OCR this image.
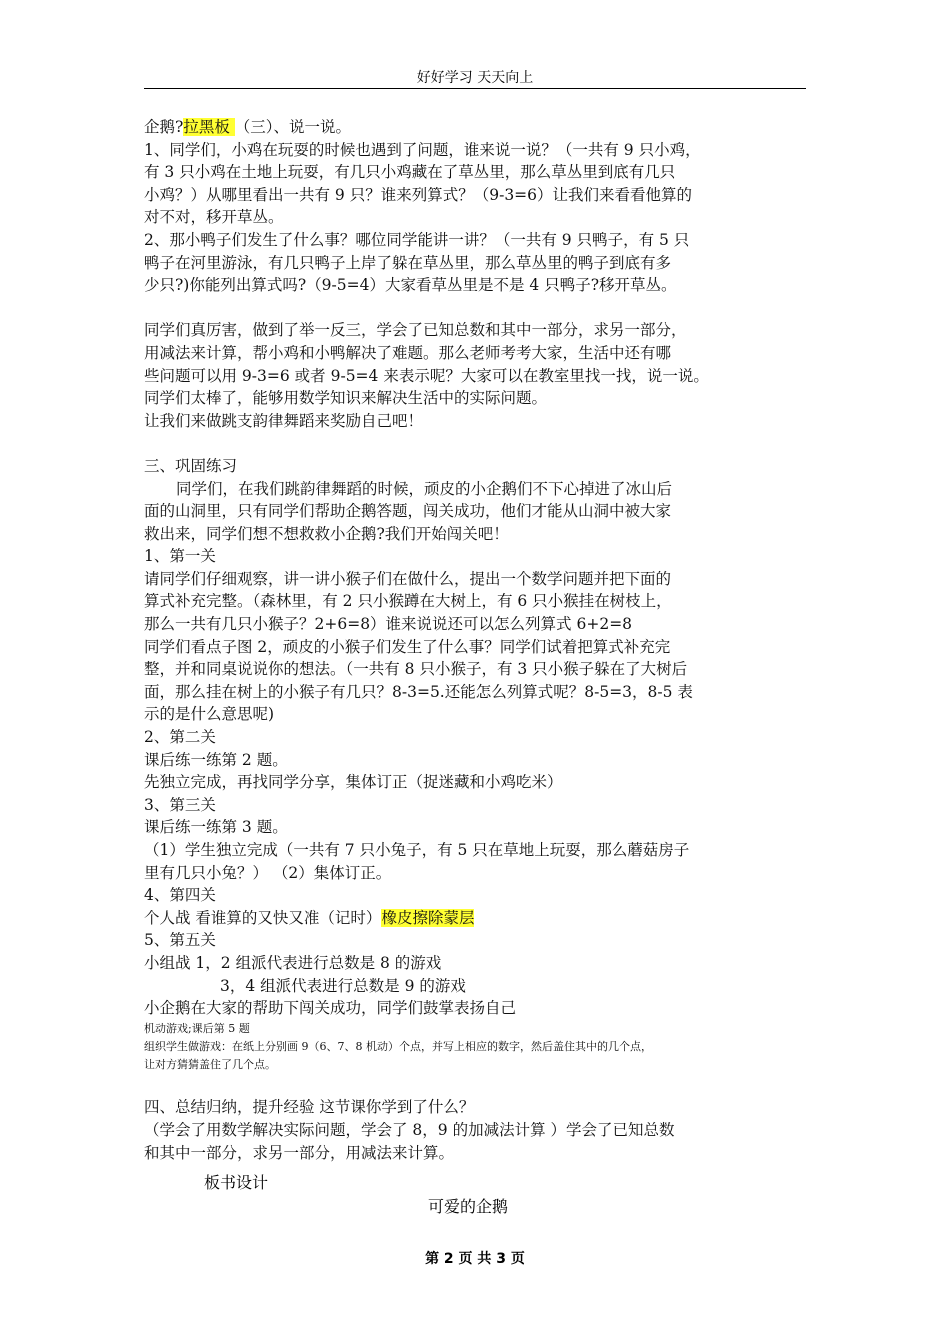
好好学习 天天向上

企鹅?拉黑板 （三）、说一说。

1、同学们，小鸡在玩耍的时候也遇到了问题，谁来说一说？（一共有 9 只小鸡，

有 3 只小鸡在土地上玩耍，有几只小鸡藏在了草丛里，那么草丛里到底有几只

小鸡？）从哪里看出一共有 9 只？谁来列算式？（9-3=6）让我们来看看他算的

对不对，移开草丛。

2、那小鸭子们发生了什么事？哪位同学能讲一讲？（一共有 9 只鸭子，有 5 只

鸭子在河里游泳，有几只鸭子上岸了躲在草丛里，那么草丛里的鸭子到底有多

少只?)你能列出算式吗?（9-5=4）大家看草丛里是不是 4 只鸭子?移开草丛。

同学们真厉害，做到了举一反三，学会了已知总数和其中一部分，求另一部分，

用减法来计算，帮小鸡和小鸭解决了难题。那么老师考考大家，生活中还有哪

些问题可以用 9-3=6 或者 9-5=4 来表示呢？大家可以在教室里找一找，说一说。

同学们太棒了，能够用数学知识来解决生活中的实际问题。

让我们来做跳支韵律舞蹈来奖励自己吧！

三、巩固练习

同学们，在我们跳韵律舞蹈的时候，顽皮的小企鹅们不下心掉进了冰山后

面的山洞里，只有同学们帮助企鹅答题，闯关成功，他们才能从山洞中被大家

救出来，同学们想不想救救小企鹅?我们开始闯关吧！

1、第一关

请同学们仔细观察，讲一讲小猴子们在做什么，提出一个数学问题并把下面的

算式补充完整。（森林里，有 2 只小猴蹲在大树上，有 6 只小猴挂在树枝上，

那么一共有几只小猴子？2+6=8）谁来说说还可以怎么列算式 6+2=8

同学们看点子图 2，顽皮的小猴子们发生了什么事？同学们试着把算式补充完

整，并和同桌说说你的想法。（一共有 8 只小猴子，有 3 只小猴子躲在了大树后

面，那么挂在树上的小猴子有几只？8-3=5.还能怎么列算式呢？8-5=3，8-5 表

示的是什么意思呢)

2、第二关

课后练一练第 2 题。

先独立完成，再找同学分享，集体订正（捉迷藏和小鸡吃米）

3、第三关

课后练一练第 3 题。

（1）学生独立完成（一共有 7 只小兔子，有 5 只在草地上玩耍，那么蘑菇房子

里有几只小兔？） （2）集体订正。

4、第四关

个人战 看谁算的又快又准（记时）橡皮擦除蒙层

5、第五关

小组战 1，2 组派代表进行总数是 8 的游戏

3，4 组派代表进行总数是 9 的游戏

小企鹅在大家的帮助下闯关成功，同学们鼓掌表扬自己

机动游戏;课后第 5 题

组织学生做游戏：在纸上分别画 9（6、7、8 机动）个点，并写上相应的数字，然后盖住其中的几个点，

让对方猜猜盖住了几个点。

四、总结归纳，提升经验 这节课你学到了什么？

（学会了用数学解决实际问题，学会了 8，9 的加减法计算 ）学会了已知总数

和其中一部分，求另一部分，用减法来计算。

板书设计
可爱的企鹅
第 2 页 共 3 页
